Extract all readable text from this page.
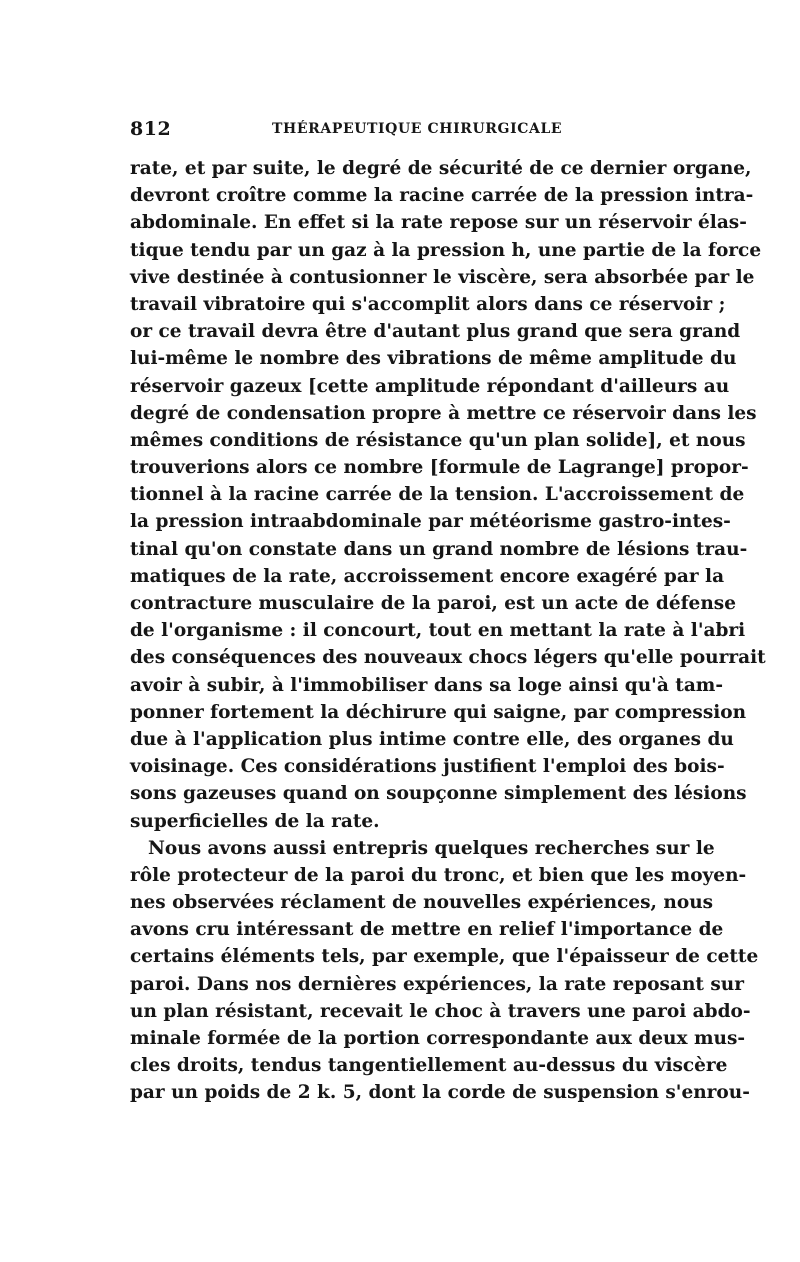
812	THÉRAPEUTIQUE CHIRURGICALE
rate, et par suite, le degré de sécurité de ce dernier organe,
devront croître comme la racine carrée de la pression intra-
abdominale. En effet si la rate repose sur un réservoir élas-
tique tendu par un gaz à la pression h, une partie de la force
vive destinée à contusionner le viscère, sera absorbée par le
travail vibratoire qui s'accomplit alors dans ce réservoir ;
or ce travail devra être d'autant plus grand que sera grand
lui-même le nombre des vibrations de même amplitude du
réservoir gazeux [cette amplitude répondant d'ailleurs au
degré de condensation propre à mettre ce réservoir dans les
mêmes conditions de résistance qu'un plan solide], et nous
trouverions alors ce nombre [formule de Lagrange] propor-
tionnel à la racine carrée de la tension. L'accroissement de
la pression intraabdominale par météorisme gastro-intes-
tinal qu'on constate dans un grand nombre de lésions trau-
matiques de la rate, accroissement encore exagéré par la
contracture musculaire de la paroi, est un acte de défense
de l'organisme : il concourt, tout en mettant la rate à l'abri
des conséquences des nouveaux chocs légers qu'elle pourrait
avoir à subir, à l'immobiliser dans sa loge ainsi qu'à tam-
ponner fortement la déchirure qui saigne, par compression
due à l'application plus intime contre elle, des organes du
voisinage. Ces considérations justifient l'emploi des bois-
sons gazeuses quand on soupçonne simplement des lésions
superficielles de la rate.
Nous avons aussi entrepris quelques recherches sur le
rôle protecteur de la paroi du tronc, et bien que les moyen-
nes observées réclament de nouvelles expériences, nous
avons cru intéressant de mettre en relief l'importance de
certains éléments tels, par exemple, que l'épaisseur de cette
paroi. Dans nos dernières expériences, la rate reposant sur
un plan résistant, recevait le choc à travers une paroi abdo-
minale formée de la portion correspondante aux deux mus-
cles droits, tendus tangentiellement au-dessus du viscère
par un poids de 2 k. 5, dont la corde de suspension s'enrou-
